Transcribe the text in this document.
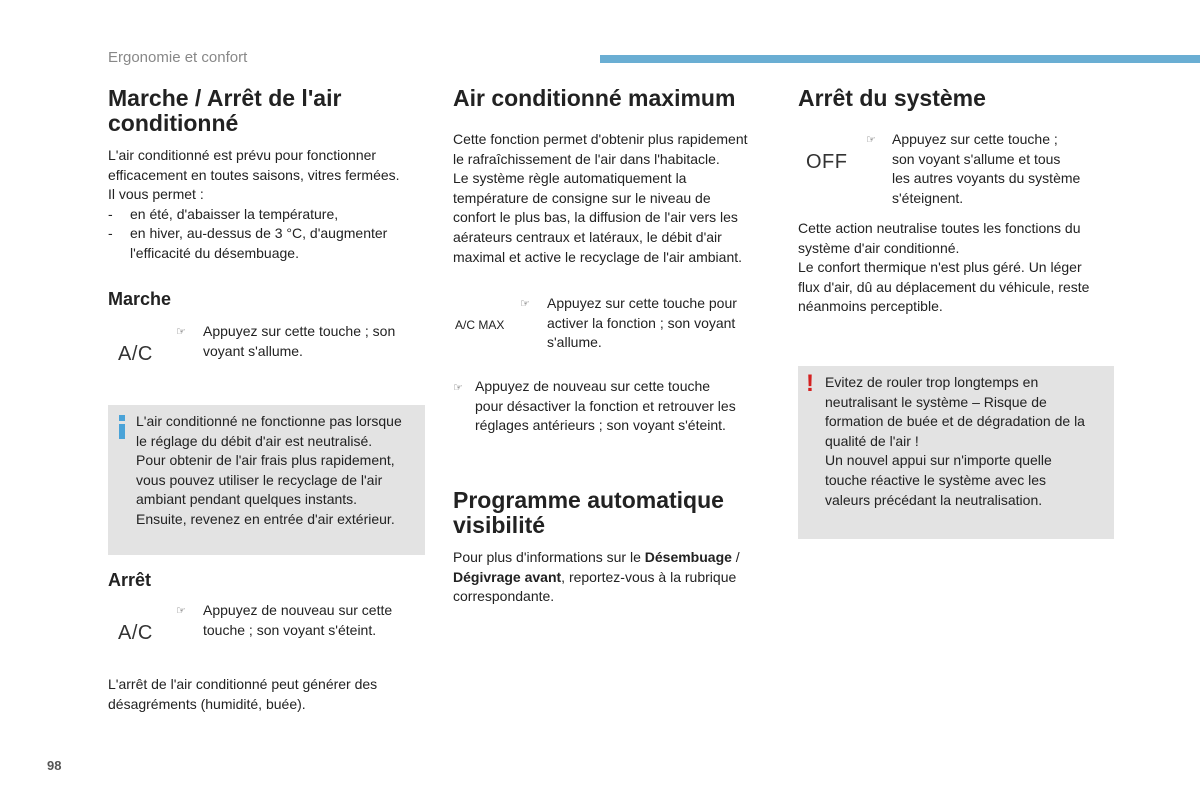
Ergonomie et confort
Marche / Arrêt de l'air
conditionné
L'air conditionné est prévu pour fonctionner
efficacement en toutes saisons, vitres fermées.
Il vous permet :
- en été, d'abaisser la température,
- en hiver, au-dessus de 3 °C, d'augmenter
l'efficacité du désembuage.
Marche
A/C
☞ Appuyez sur cette touche ; son
voyant s'allume.
L'air conditionné ne fonctionne pas lorsque
le réglage du débit d'air est neutralisé.
Pour obtenir de l'air frais plus rapidement,
vous pouvez utiliser le recyclage de l'air
ambiant pendant quelques instants.
Ensuite, revenez en entrée d'air extérieur.
Arrêt
A/C
☞ Appuyez de nouveau sur cette
touche ; son voyant s'éteint.
L'arrêt de l'air conditionné peut générer des
désagréments (humidité, buée).
Air conditionné maximum
Cette fonction permet d'obtenir plus rapidement
le rafraîchissement de l'air dans l'habitacle.
Le système règle automatiquement la
température de consigne sur le niveau de
confort le plus bas, la diffusion de l'air vers les
aérateurs centraux et latéraux, le débit d'air
maximal et active le recyclage de l'air ambiant.
A/C MAX
☞ Appuyez sur cette touche pour
activer la fonction ; son voyant
s'allume.
☞ Appuyez de nouveau sur cette touche
pour désactiver la fonction et retrouver les
réglages antérieurs ; son voyant s'éteint.
Programme automatique
visibilité
Pour plus d'informations sur le Désembuage /
Dégivrage avant, reportez-vous à la rubrique
correspondante.
Arrêt du système
OFF
☞ Appuyez sur cette touche ;
son voyant s'allume et tous
les autres voyants du système
s'éteignent.
Cette action neutralise toutes les fonctions du
système d'air conditionné.
Le confort thermique n'est plus géré. Un léger
flux d'air, dû au déplacement du véhicule, reste
néanmoins perceptible.
! Evitez de rouler trop longtemps en
neutralisant le système – Risque de
formation de buée et de dégradation de la
qualité de l'air !
Un nouvel appui sur n'importe quelle
touche réactive le système avec les
valeurs précédant la neutralisation.
98
